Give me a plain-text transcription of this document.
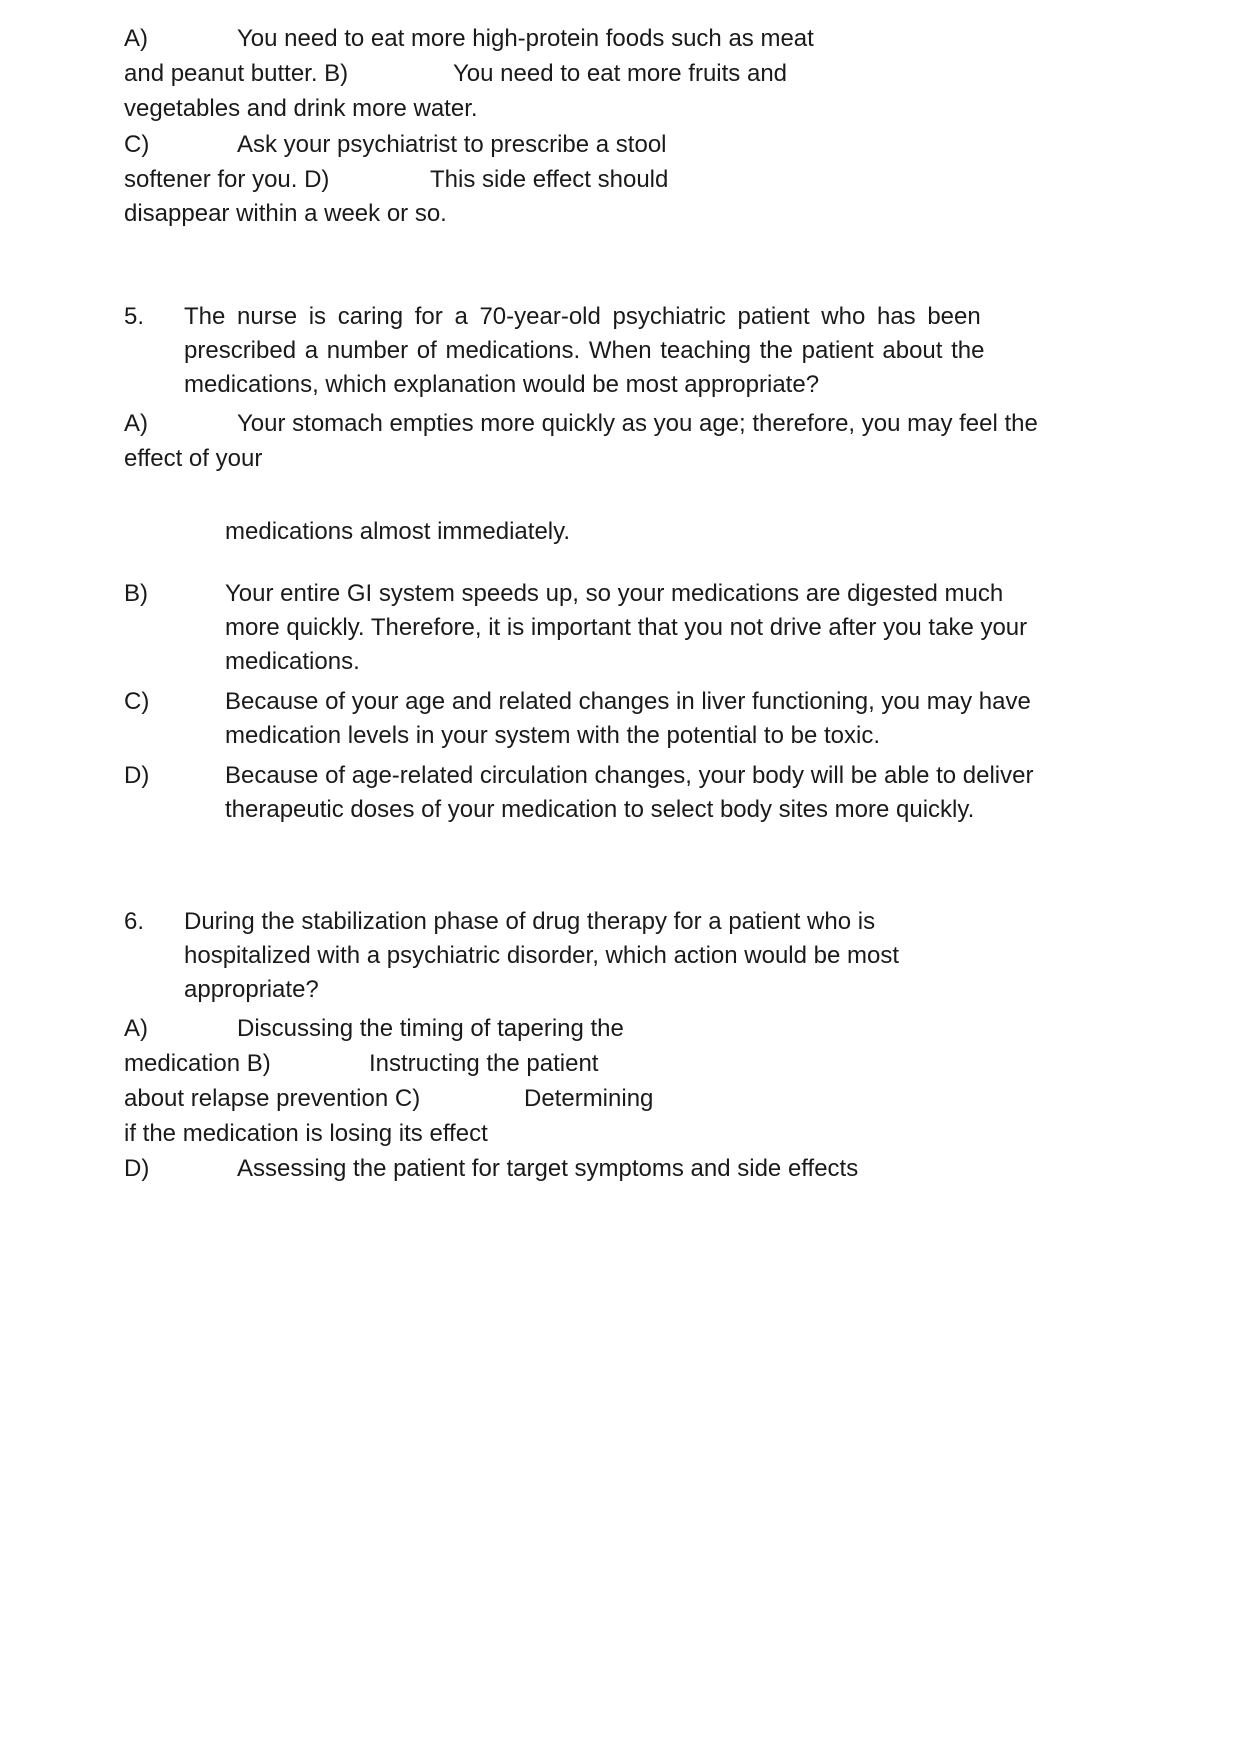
A)	You need to eat more high-protein foods such as meat
and peanut butter. B)	You need to eat more fruits and
vegetables and drink more water.
C)	Ask your psychiatrist to prescribe a stool
softener for you. D)	This side effect should
disappear within a week or so.
5. The nurse is caring for a 70-year-old psychiatric patient who has been
prescribed a number of medications. When teaching the patient about the
medications, which explanation would be most appropriate?
A)	Your stomach empties more quickly as you age; therefore, you may feel the
effect of your
medications almost immediately.
B)	Your entire GI system speeds up, so your medications are digested much
more quickly. Therefore, it is important that you not drive after you take your
medications.
C)	Because of your age and related changes in liver functioning, you may have
medication levels in your system with the potential to be toxic.
D)	Because of age-related circulation changes, your body will be able to deliver
therapeutic doses of your medication to select body sites more quickly.
6. During the stabilization phase of drug therapy for a patient who is
hospitalized with a psychiatric disorder, which action would be most
appropriate?
A)	Discussing the timing of tapering the
medication B)	Instructing the patient
about relapse prevention C)	Determining
if the medication is losing its effect
D)	Assessing the patient for target symptoms and side effects
